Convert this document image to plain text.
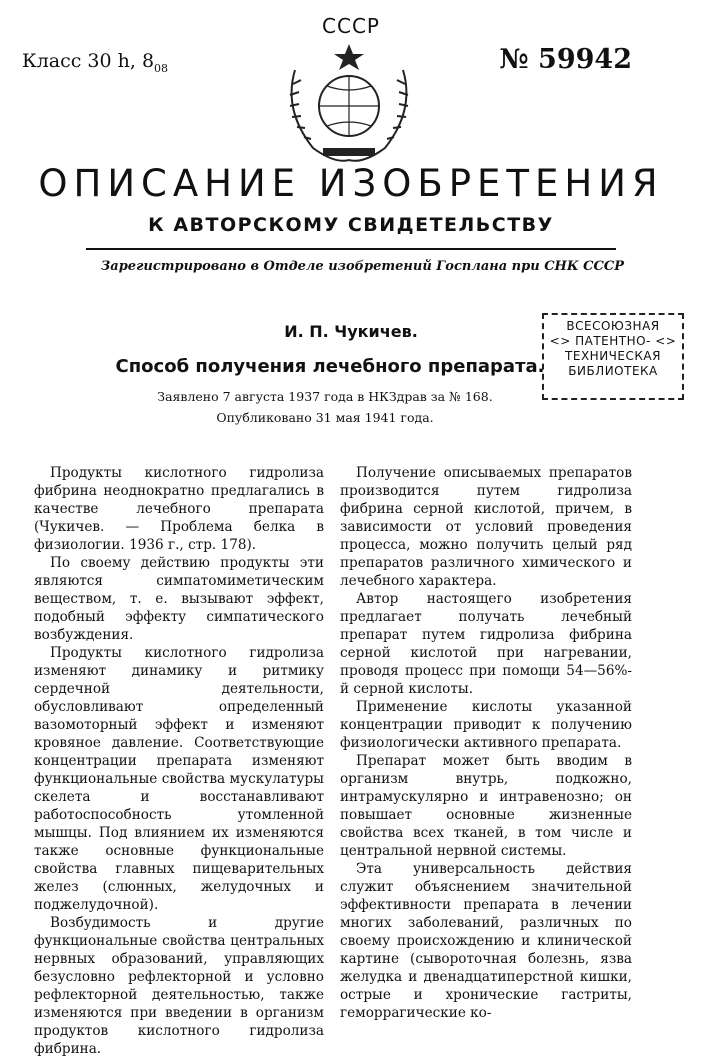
СССР
Класс 30 h, $8_{08}$	№ 59942
ОПИСАНИЕ ИЗОБРЕТЕНИЯ
К АВТОРСКОМУ СВИДЕТЕЛЬСТВУ
Зарегистрировано в Отделе изобретений Госплана при СНК СССР
И. П. Чукичев.
Способ получения лечебного препарата.
Заявлено 7 августа 1937 года в НКЗдрав за № 168.
Опубликовано 31 мая 1941 года.
ВСЕСОЮЗНАЯ
<> ПАТЕНТНО- <>
ТЕХНИЧЕСКАЯ
БИБЛИОТЕКА

Продукты кислотного гидролиза фибрина неоднократно предлагались в качестве лечебного препарата (Чукичев. — Проблема белка в физиологии. 1936 г., стр. 178).

По своему действию продукты эти являются симпатомиметическим веществом, т. е. вызывают эффект, подобный эффекту симпатического возбуждения.

Продукты кислотного гидролиза изменяют динамику и ритмику сердечной деятельности, обусловливают определенный вазомоторный эффект и изменяют кровяное давление. Соответствующие концентрации препарата изменяют функциональные свойства мускулатуры скелета и восстанавливают работоспособность утомленной мышцы. Под влиянием их изменяются также основные функциональные свойства главных пищеварительных желез (слюнных, желудочных и поджелудочной).

Возбудимость и другие функциональные свойства центральных нервных образований, управляющих безусловно рефлекторной и условно рефлекторной деятельностью, также изменяются при введении в организм продуктов кислотного гидролиза фибрина.

Получение описываемых препаратов производится путем гидролиза фибрина серной кислотой, причем, в зависимости от условий проведения процесса, можно получить целый ряд препаратов различного химического и лечебного характера.

Автор настоящего изобретения предлагает получать лечебный препарат путем гидролиза фибрина серной кислотой при нагревании, проводя процесс при помощи 54—56%-й серной кислоты.

Применение кислоты указанной концентрации приводит к получению физиологически активного препарата.

Препарат может быть вводим в организм внутрь, подкожно, интрамускулярно и интравенозно; он повышает основные жизненные свойства всех тканей, в том числе и центральной нервной системы.

Эта универсальность действия служит объяснением значительной эффективности препарата в лечении многих заболеваний, различных по своему происхождению и клинической картине (сывороточная болезнь, язва желудка и двенадцатиперстной кишки, острые и хронические гастриты, геморрагические ко-
